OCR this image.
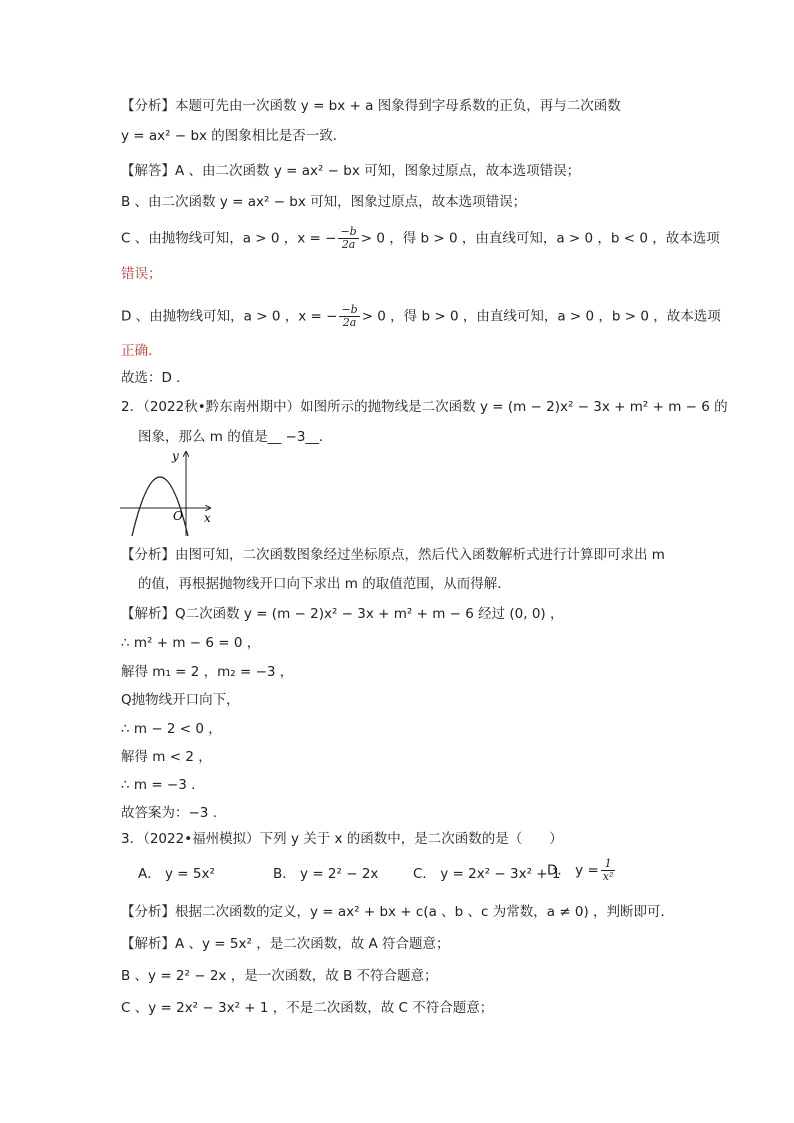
【分析】本题可先由一次函数 y = bx + a 图象得到字母系数的正负，再与二次函数
y = ax² − bx 的图象相比是否一致．
【解答】A 、由二次函数 y = ax² − bx 可知，图象过原点，故本选项错误；
B 、由二次函数 y = ax² − bx 可知，图象过原点，故本选项错误；
C 、由抛物线可知，a > 0 ，x = − $\frac{-b}{2a} > 0$ ，得 b > 0 ，由直线可知，a > 0 ，b < 0 ，故本选项
错误；
D 、由抛物线可知，a > 0 ，x = − $\frac{-b}{2a} > 0$ ，得 b > 0 ，由直线可知，a > 0 ，b > 0 ，故本选项
正确．
故选：D ．
2．（2022秋•黔东南州期中）如图所示的抛物线是二次函数 y = (m − 2)x² − 3x + m² + m − 6 的
图象，那么 m 的值是__ −3__．
y
x
O
【分析】由图可知，二次函数图象经过坐标原点，然后代入函数解析式进行计算即可求出 m
的值，再根据抛物线开口向下求出 m 的取值范围，从而得解．
【解析】Q二次函数 y = (m − 2)x² − 3x + m² + m − 6 经过 (0, 0) ，
∴ m² + m − 6 = 0 ，
解得 m₁ = 2 ，m₂ = −3 ，
Q抛物线开口向下，
∴ m − 2 < 0 ，
解得 m < 2 ，
∴ m = −3 ．
故答案为：−3 ．
3．（2022•福州模拟）下列 y 关于 x 的函数中，是二次函数的是（　　）
A． y = 5x²	B． y = 2² − 2x	C． y = 2x² − 3x² + 1
D． $y = \frac{1}{\text{x²}}$
【分析】根据二次函数的定义，y = ax² + bx + c(a 、b 、c 为常数，a ≠ 0) ，判断即可．
【解析】A 、y = 5x² ，是二次函数，故 A 符合题意；
B 、y = 2² − 2x ，是一次函数，故 B 不符合题意；
C 、y = 2x² − 3x² + 1 ，不是二次函数，故 C 不符合题意；
